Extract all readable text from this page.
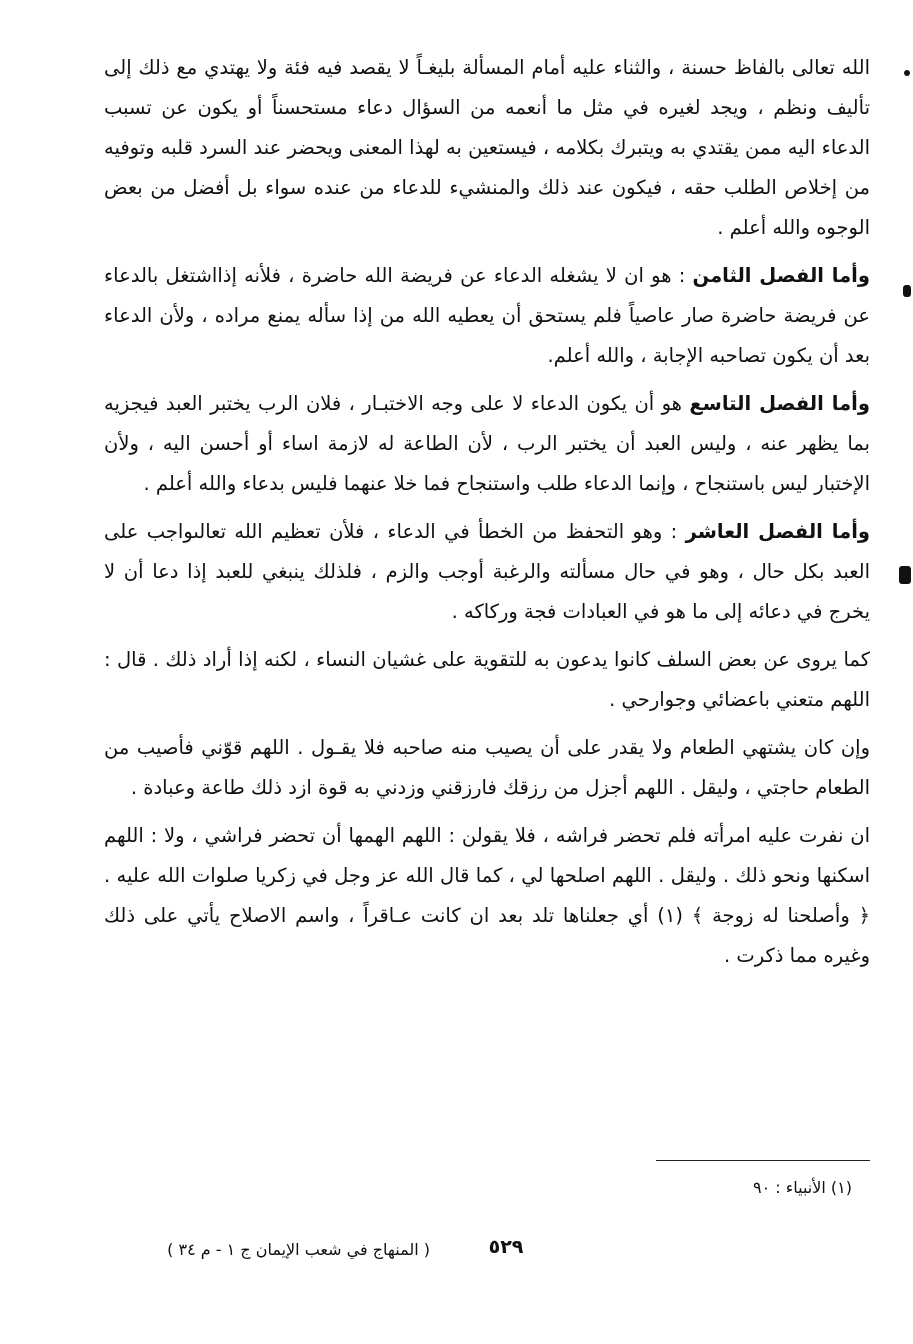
الله تعالى بالفاظ حسنة ، والثناء عليه أمام المسألة بليغـاً لا يقصد فيه فئة ولا يهتدي مع ذلك إلى تأليف ونظم ، ويجد لغيره في مثل ما أنعمه من السؤال دعاء مستحسناً أو يكون عن تسبب الدعاء اليه ممن يقتدي به ويتبرك بكلامه ، فيستعين به لهذا المعنى ويحضر عند السرد قلبه وتوفيه من إخلاص الطلب حقه ، فيكون عند ذلك والمنشيء للدعاء من عنده سواء بل أفضل من بعض الوجوه والله أعلم .

وأما الفصل الثامن : هو ان لا يشغله الدعاء عن فريضة الله حاضرة ، فلأنه إذااشتغل بالدعاء عن فريضة حاضرة صار عاصياً فلم يستحق أن يعطيه الله من إذا سأله يمنع مراده ، ولأن الدعاء بعد أن يكون تصاحبه الإجابة ، والله أعلم.

وأما الفصل التاسع هو أن يكون الدعاء لا على وجه الاختبـار ، فلان الرب يختبر العبد فيجزيه بما يظهر عنه ، وليس العبد أن يختبر الرب ، لأن الطاعة له لازمة اساء أو أحسن اليه ، ولأن الإختبار ليس باستنجاح ، وإنما الدعاء طلب واستنجاح فما خلا عنهما فليس بدعاء والله أعلم .

وأما الفصل العاشر : وهو التحفظ من الخطأ في الدعاء ، فلأن تعظيم الله تعالىواجب على العبد بكل حال ، وهو في حال مسألته والرغبة أوجب والزم ، فلذلك ينبغي للعبد إذا دعا أن لا يخرج في دعائه إلى ما هو في العبادات فجة وركاكه .

كما يروى عن بعض السلف كانوا يدعون به للتقوية على غشيان النساء ، لكنه إذا أراد ذلك . قال : اللهم متعني باعضائي وجوارحي .

وإن كان يشتهي الطعام ولا يقدر على أن يصيب منه صاحبه فلا يقـول . اللهم قوّني فأصيب من الطعام حاجتي ، وليقل . اللهم أجزل من رزقك فارزقني وزدني به قوة ازد ذلك طاعة وعبادة .

ان نفرت عليه امرأته فلم تحضر فراشه ، فلا يقولن : اللهم الهمها أن تحضر فراشي ، ولا : اللهم اسكنها ونحو ذلك . وليقل . اللهم اصلحها لي ، كما قال الله عز وجل في زكريا صلوات الله عليه . ﴿ وأصلحنا له زوجة ﴾ (١) أي جعلناها تلد بعد ان كانت عـاقراً ، واسم الاصلاح يأتي على ذلك وغيره مما ذكرت .

(١) الأنبياء : ٩٠
٥٢٩
( المنهاج في شعب الإيمان ج ١ - م ٣٤ )
